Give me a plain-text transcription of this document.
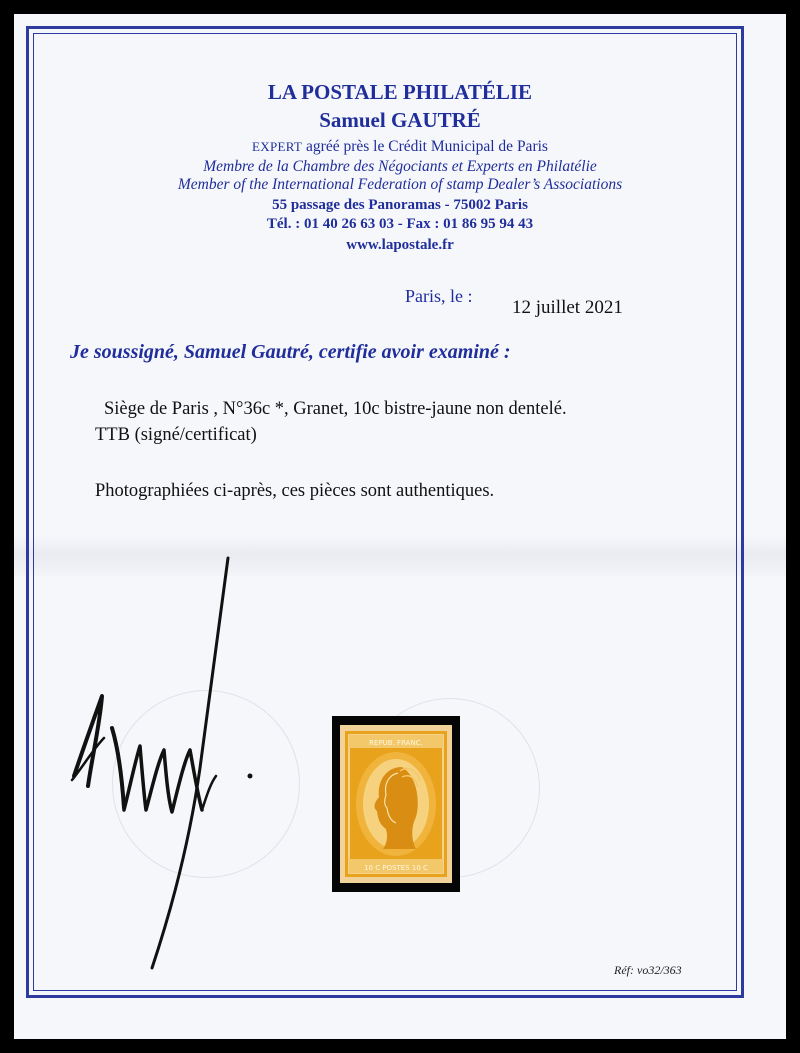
LA POSTALE PHILATÉLIE
Samuel GAUTRÉ
EXPERT agréé près le Crédit Municipal de Paris
Membre de la Chambre des Négociants et Experts en Philatélie
Member of the International Federation of stamp Dealer’s Associations
55 passage des Panoramas - 75002 Paris
Tél. : 01 40 26 63 03 - Fax : 01 86 95 94 43
www.lapostale.fr
Paris, le :
12 juillet 2021
Je soussigné, Samuel Gautré, certifie avoir examiné :
Siège de Paris , N°36c *, Granet, 10c bistre-jaune non dentelé.
TTB (signé/certificat)
Photographiées ci-après, ces pièces sont authentiques.
REPUB. FRANC.
10 C POSTES 10 C
Réf: vo32/363
